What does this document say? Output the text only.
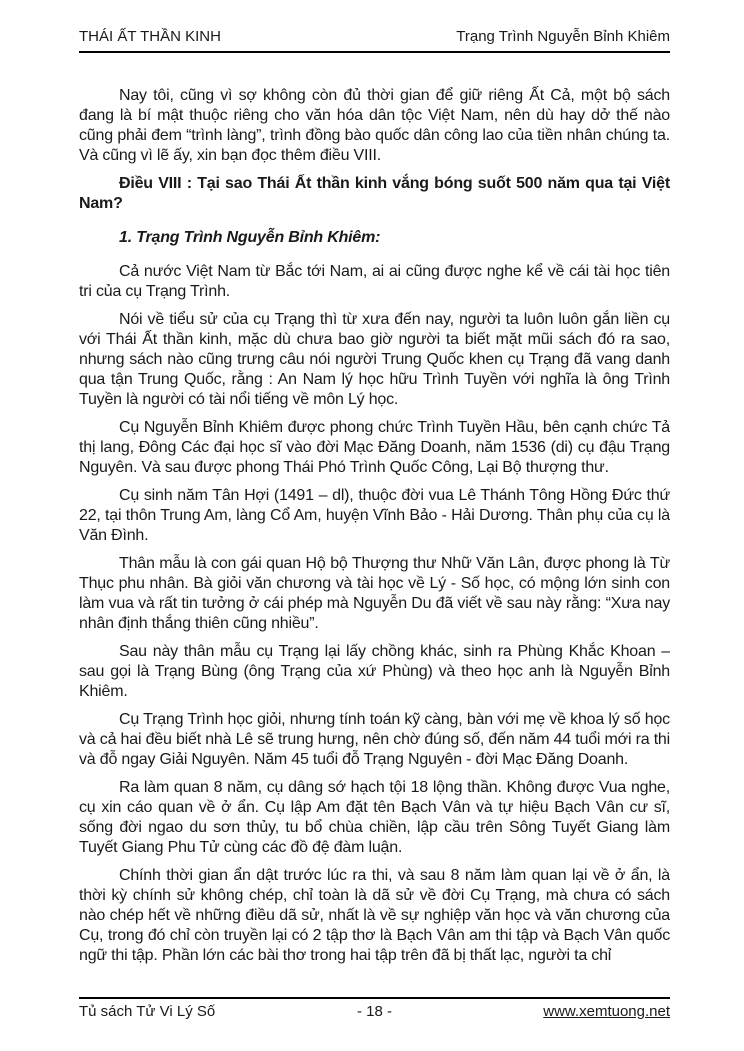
THÁI ẤT THẦN KINH	Trạng Trình Nguyễn Bỉnh Khiêm

Nay tôi, cũng vì sợ không còn đủ thời gian để giữ riêng Ất Cả, một bộ sách đang là bí mật thuộc riêng cho văn hóa dân tộc Việt Nam, nên dù hay dở thế nào cũng phải đem “trình làng”, trình đồng bào quốc dân công lao của tiền nhân chúng ta. Và cũng vì lẽ ấy, xin bạn đọc thêm điều VIII.

Điều VIII : Tại sao Thái Ất thần kinh vắng bóng suốt 500 năm qua tại Việt Nam?
1. Trạng Trình Nguyễn Bỉnh Khiêm:

Cả nước Việt Nam từ Bắc tới Nam, ai ai cũng được nghe kể về cái tài học tiên tri của cụ Trạng Trình.

Nói về tiểu sử của cụ Trạng thì từ xưa đến nay, người ta luôn luôn gắn liền cụ với Thái Ất thần kinh, mặc dù chưa bao giờ người ta biết mặt mũi sách đó ra sao, nhưng sách nào cũng trưng câu nói người Trung Quốc khen cụ Trạng đã vang danh qua tận Trung Quốc, rằng : An Nam lý học hữu Trình Tuyền với nghĩa là ông Trình Tuyền là người có tài nổi tiếng về môn Lý học.

Cụ Nguyễn Bỉnh Khiêm được phong chức Trình Tuyền Hầu, bên cạnh chức Tả thị lang, Đông Các đại học sĩ vào đời Mạc Đăng Doanh, năm 1536 (di) cụ đậu Trạng Nguyên. Và sau được phong Thái Phó Trình Quốc Công, Lại Bộ thượng thư.

Cụ sinh năm Tân Hợi (1491 – dl), thuộc đời vua Lê Thánh Tông Hồng Đức thứ 22, tại thôn Trung Am, làng Cổ Am, huyện Vĩnh Bảo - Hải Dương. Thân phụ của cụ là Văn Đình.

Thân mẫu là con gái quan Hộ bộ Thượng thư Nhữ Văn Lân, được phong là Từ Thục phu nhân. Bà giỏi văn chương và tài học về Lý - Số học, có mộng lớn sinh con làm vua và rất tin tưởng ở cái phép mà Nguyễn Du đã viết về sau này rằng: “Xưa nay nhân định thắng thiên cũng nhiều”.

Sau này thân mẫu cụ Trạng lại lấy chồng khác, sinh ra Phùng Khắc Khoan – sau gọi là Trạng Bùng (ông Trạng của xứ Phùng) và theo học anh là Nguyễn Bỉnh Khiêm.

Cụ Trạng Trình học giỏi, nhưng tính toán kỹ càng, bàn với mẹ về khoa lý số học và cả hai đều biết nhà Lê sẽ trung hưng, nên chờ đúng số, đến năm 44 tuổi mới ra thi và đỗ ngay Giải Nguyên. Năm 45 tuổi đỗ Trạng Nguyên - đời Mạc Đăng Doanh.

Ra làm quan 8 năm, cụ dâng sớ hạch tội 18 lộng thần. Không được Vua nghe, cụ xin cáo quan về ở ẩn. Cụ lập Am đặt tên Bạch Vân và tự hiệu Bạch Vân cư sĩ, sống đời ngao du sơn thủy, tu bổ chùa chiền, lập cầu trên Sông Tuyết Giang làm Tuyết Giang Phu Tử cùng các đồ đệ đàm luận.

Chính thời gian ẩn dật trước lúc ra thi, và sau 8 năm làm quan lại về ở ẩn, là thời kỳ chính sử không chép, chỉ toàn là dã sử về đời Cụ Trạng, mà chưa có sách nào chép hết về những điều dã sử, nhất là về sự nghiệp văn học và văn chương của Cụ, trong đó chỉ còn truyền lại có 2 tập thơ là Bạch Vân am thi tập và Bạch Vân quốc ngữ thi tập. Phần lớn các bài thơ trong hai tập trên đã bị thất lạc, người ta chỉ

Tủ sách Tử Vi Lý Số	- 18 -	www.xemtuong.net
